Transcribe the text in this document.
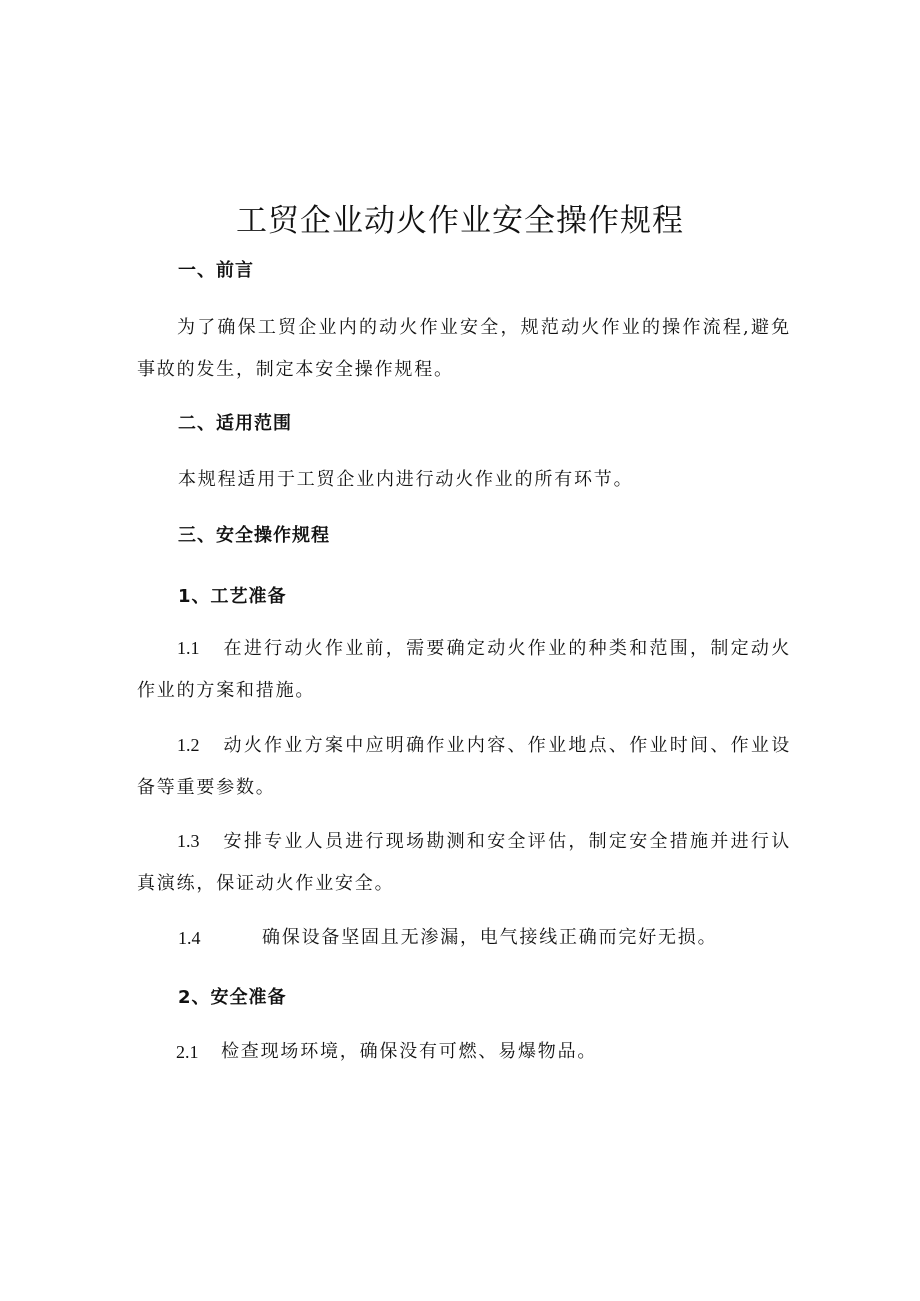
工贸企业动火作业安全操作规程
一、前言
为了确保工贸企业内的动火作业安全，规范动火作业的操作流程,避免事故的发生，制定本安全操作规程。
二、适用范围
本规程适用于工贸企业内进行动火作业的所有环节。
三、安全操作规程
1、工艺准备
1.1 在进行动火作业前，需要确定动火作业的种类和范围，制定动火作业的方案和措施。
1.2 动火作业方案中应明确作业内容、作业地点、作业时间、作业设备等重要参数。
1.3 安排专业人员进行现场勘测和安全评估，制定安全措施并进行认真演练，保证动火作业安全。
1.4	确保设备坚固且无渗漏，电气接线正确而完好无损。
2、安全准备
2.1 检查现场环境，确保没有可燃、易爆物品。
